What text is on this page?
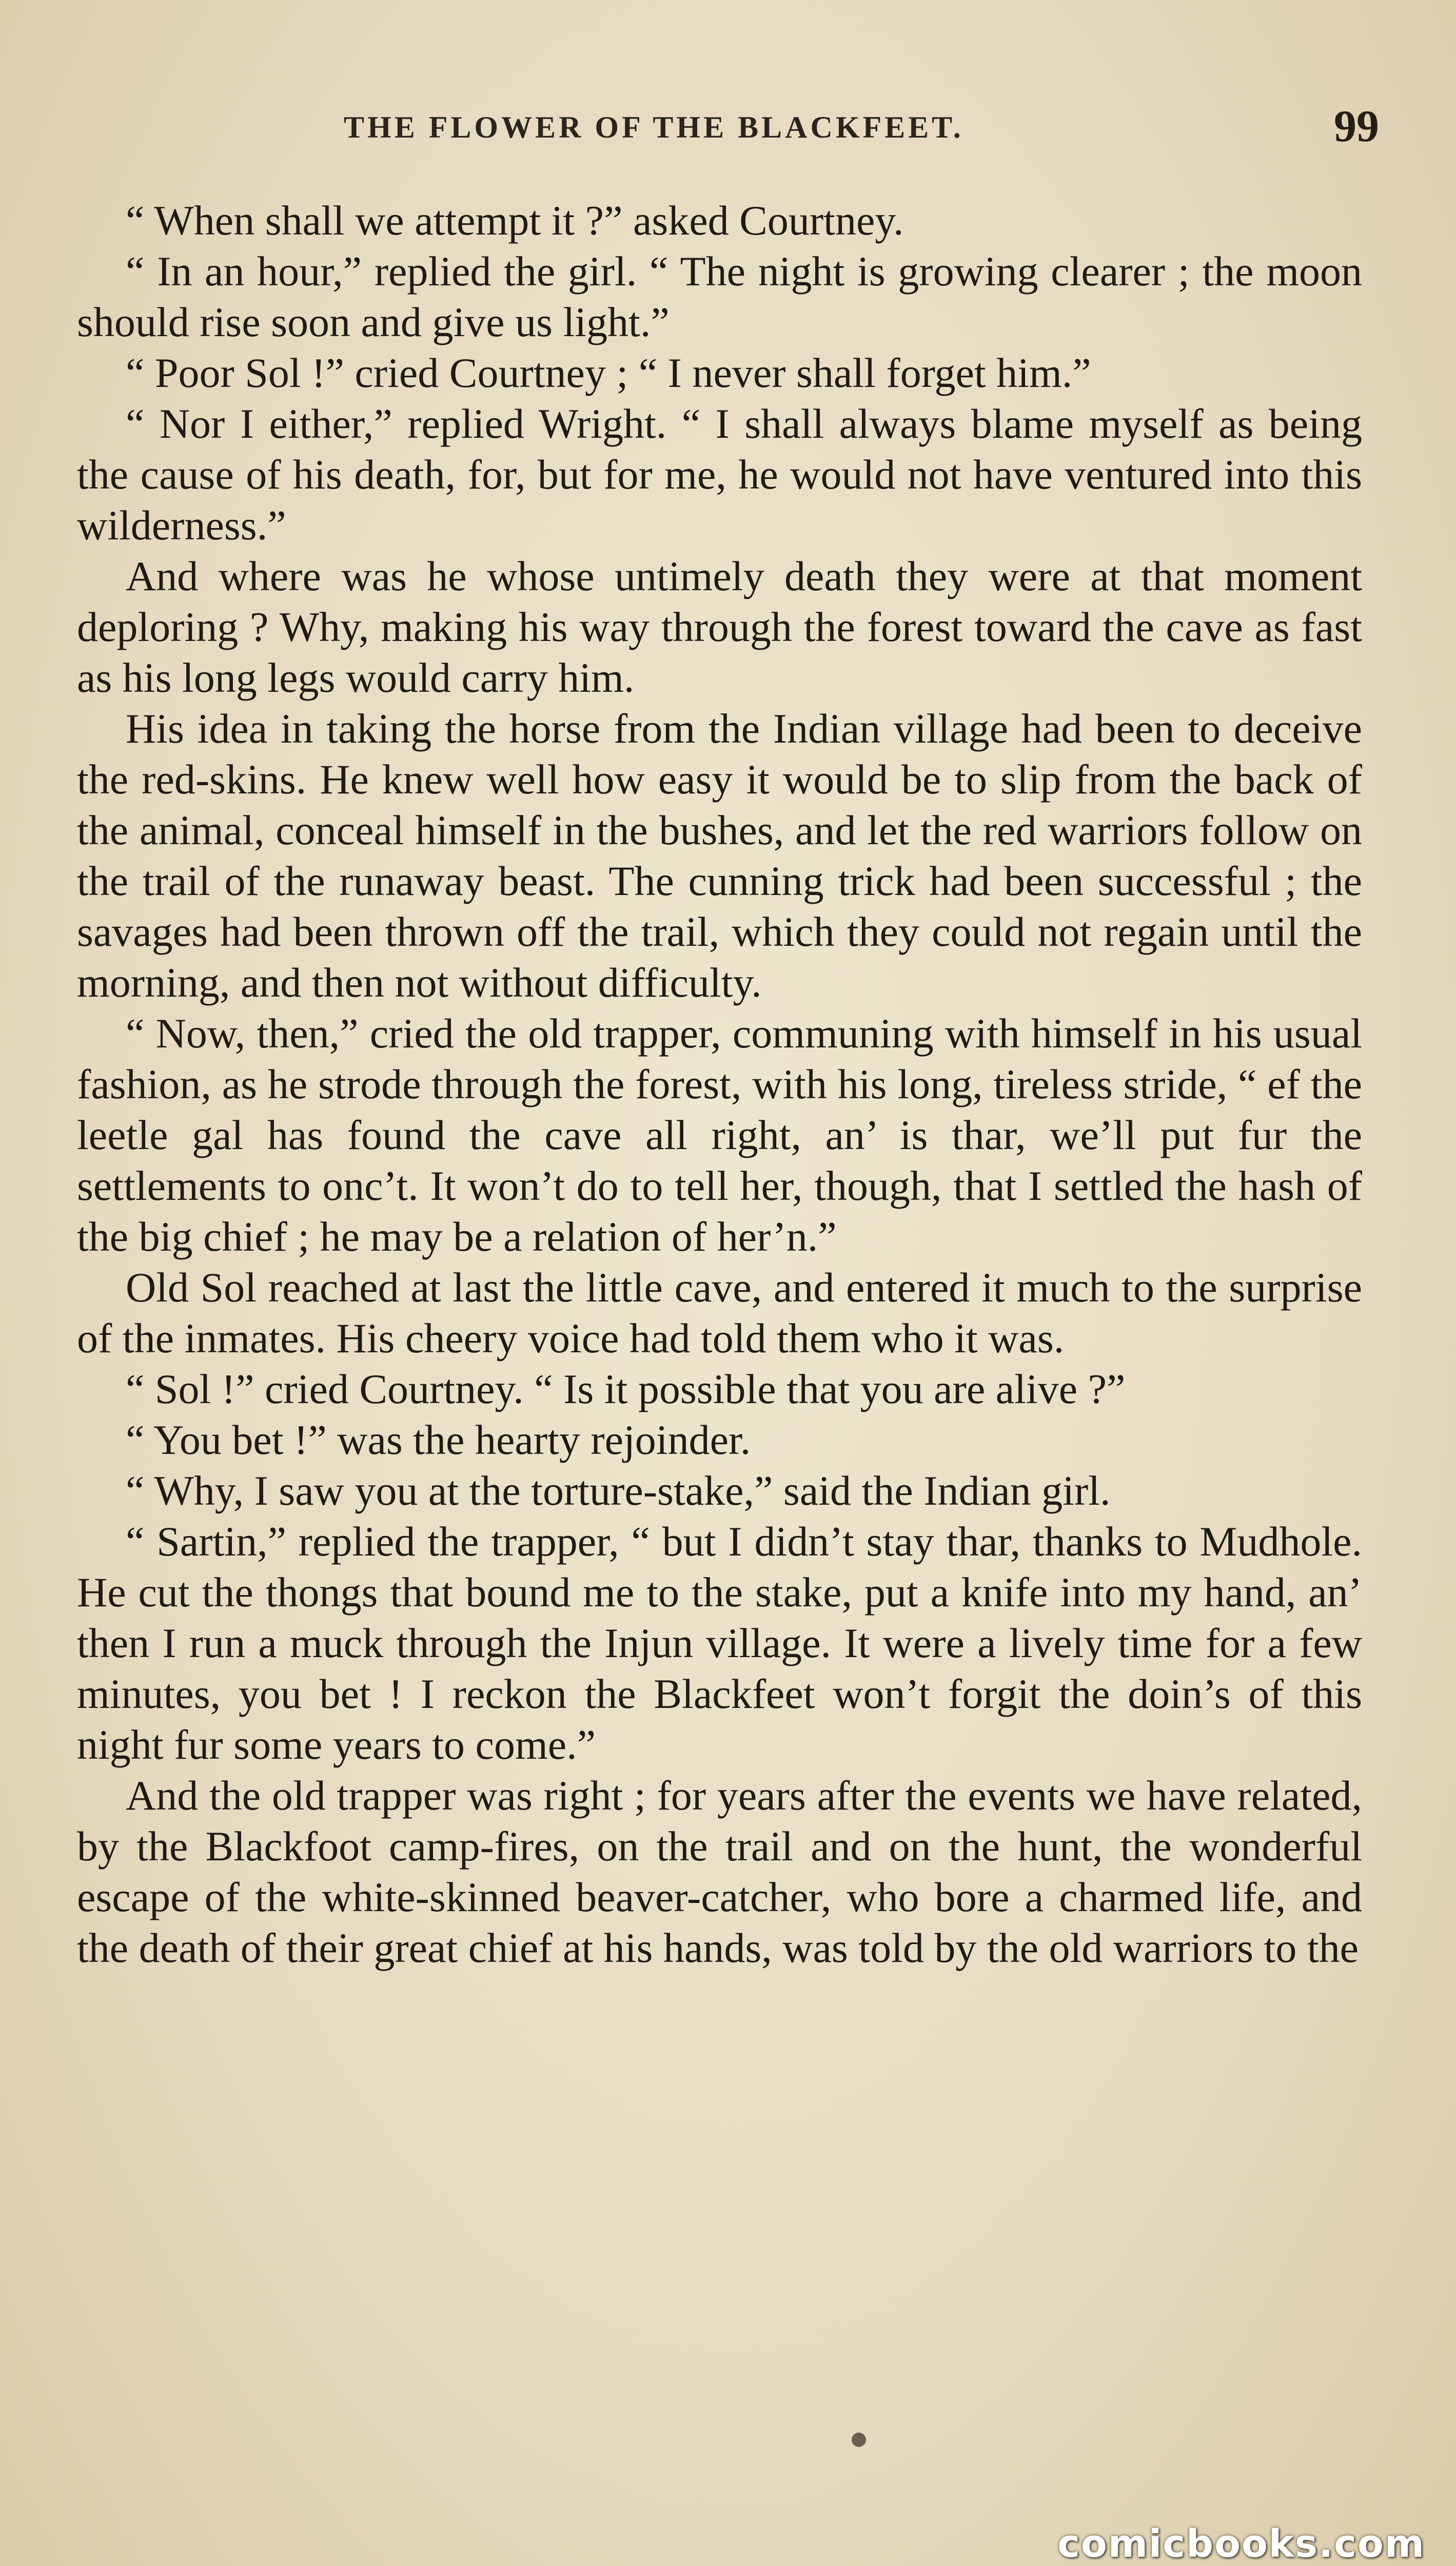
THE FLOWER OF THE BLACKFEET.	99

“ When shall we attempt it ?” asked Courtney.

“ In an hour,” replied the girl. “ The night is growing clearer ; the moon should rise soon and give us light.”

“ Poor Sol !” cried Courtney ; “ I never shall forget him.”

“ Nor I either,” replied Wright. “ I shall always blame myself as being the cause of his death, for, but for me, he would not have ventured into this wilderness.”

And where was he whose untimely death they were at that moment deploring ? Why, making his way through the forest toward the cave as fast as his long legs would carry him.

His idea in taking the horse from the Indian village had been to deceive the red-skins. He knew well how easy it would be to slip from the back of the animal, conceal himself in the bushes, and let the red warriors follow on the trail of the runaway beast. The cunning trick had been successful ; the savages had been thrown off the trail, which they could not regain until the morning, and then not without difficulty.

“ Now, then,” cried the old trapper, communing with himself in his usual fashion, as he strode through the forest, with his long, tireless stride, “ ef the leetle gal has found the cave all right, an’ is thar, we’ll put fur the settlements to onc’t. It won’t do to tell her, though, that I settled the hash of the big chief ; he may be a relation of her’n.”

Old Sol reached at last the little cave, and entered it much to the surprise of the inmates. His cheery voice had told them who it was.

“ Sol !” cried Courtney. “ Is it possible that you are alive ?”

“ You bet !” was the hearty rejoinder.

“ Why, I saw you at the torture-stake,” said the Indian girl.

“ Sartin,” replied the trapper, “ but I didn’t stay thar, thanks to Mudhole. He cut the thongs that bound me to the stake, put a knife into my hand, an’ then I run a muck through the Injun village. It were a lively time for a few minutes, you bet ! I reckon the Blackfeet won’t forgit the doin’s of this night fur some years to come.”

And the old trapper was right ; for years after the events we have related, by the Blackfoot camp-fires, on the trail and on the hunt, the wonderful escape of the white-skinned beaver-catcher, who bore a charmed life, and the death of their great chief at his hands, was told by the old warriors to the

comicbooks.com
